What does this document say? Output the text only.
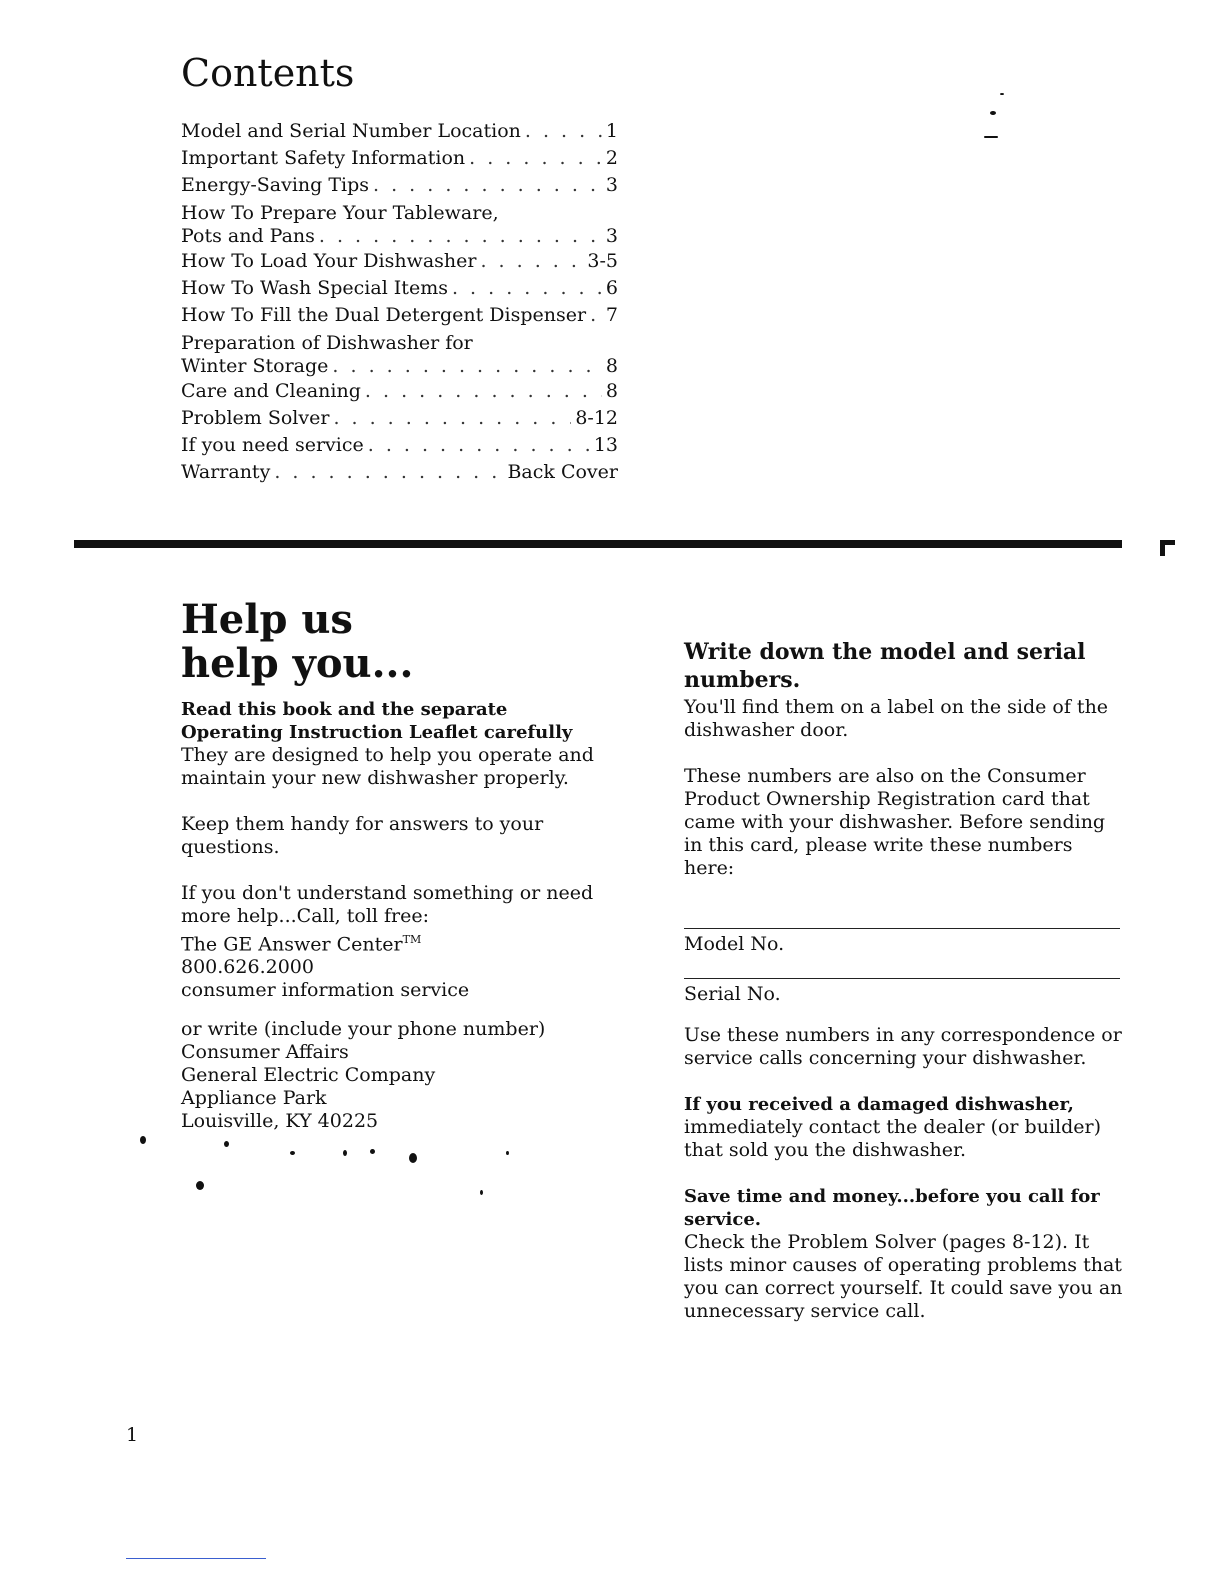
Contents
Model and Serial Number Location . . .	1
Important Safety Information . . .	2
Energy-Saving Tips . . .	3
How To Prepare Your Tableware,
Pots and Pans . . .	3
How To Load Your Dishwasher . . .	3-5
How To Wash Special Items . . .	6
How To Fill the Dual Detergent Dispenser . . . 7
Preparation of Dishwasher for
Winter Storage . . .	8
Care and Cleaning . . .	8
Problem Solver . . .	8-12
If you need service . . .	13
Warranty . . .	Back Cover
Help us
help you...

Read this book and the separate Operating Instruction Leaflet carefully

They are designed to help you operate and maintain your new dishwasher properly.

Keep them handy for answers to your questions.

If you don't understand something or need more help...Call, toll free:

The GE Answer Center™

800.626.2000

consumer information service

or write (include your phone number)

Consumer Affairs

General Electric Company

Appliance Park

Louisville, KY 40225

Write down the model and serial numbers.

You'll find them on a label on the side of the dishwasher door.

These numbers are also on the Consumer Product Ownership Registration card that came with your dishwasher. Before sending in this card, please write these numbers here:

Model No.

Serial No.

Use these numbers in any correspondence or service calls concerning your dishwasher.

If you received a damaged dishwasher,

immediately contact the dealer (or builder) that sold you the dishwasher.

Save time and money...before you call for service.

Check the Problem Solver (pages 8-12). It lists minor causes of operating problems that you can correct yourself. It could save you an unnecessary service call.

1
